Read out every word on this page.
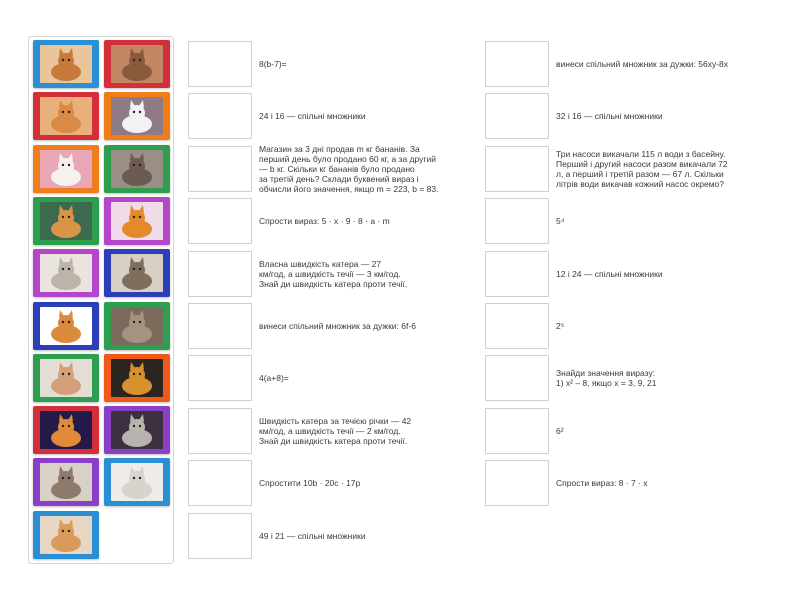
8(b-7)=
24 і 16 — спільні множники
Магазин за 3 дні продав m кг бананів. За
перший день було продано 60 кг, а за другий
— b кг. Скільки кг бананів було продано
за третій день? Склади буквений вираз і
обчисли його значення, якщо m = 223, b = 83.
Спрости вираз: 5 · x · 9 · 8 · a · m
Власна швидкість катера — 27
км/год, а швидкість течії — 3 км/год.
Знай ди швидкість катера проти течії.
винеси спільний множник за дужки: 6f-6
4(a+8)=
Швидкість катера за течією річки — 42
км/год, а швидкість течії — 2 км/год.
Знай ди швидкість катера проти течії.
Спростити 10b · 20c · 17p
49 і 21 — спільні множники
винеси спільний множник за дужки: 56xy-8x
32 і 16 — спільні множники
Три насоси викачали 115 л води з басейну.
Перший і другий насоси разом викачали 72
л, а перший і третій разом — 67 л. Скільки
літрів води викачав кожний насос окремо?
5⁴
12 і 24 — спільні множники
2⁵
Знайди значення виразу:
1) x² – 8, якщо x = 3, 9, 21
6²
Спрости вираз: 8 · 7 · x
